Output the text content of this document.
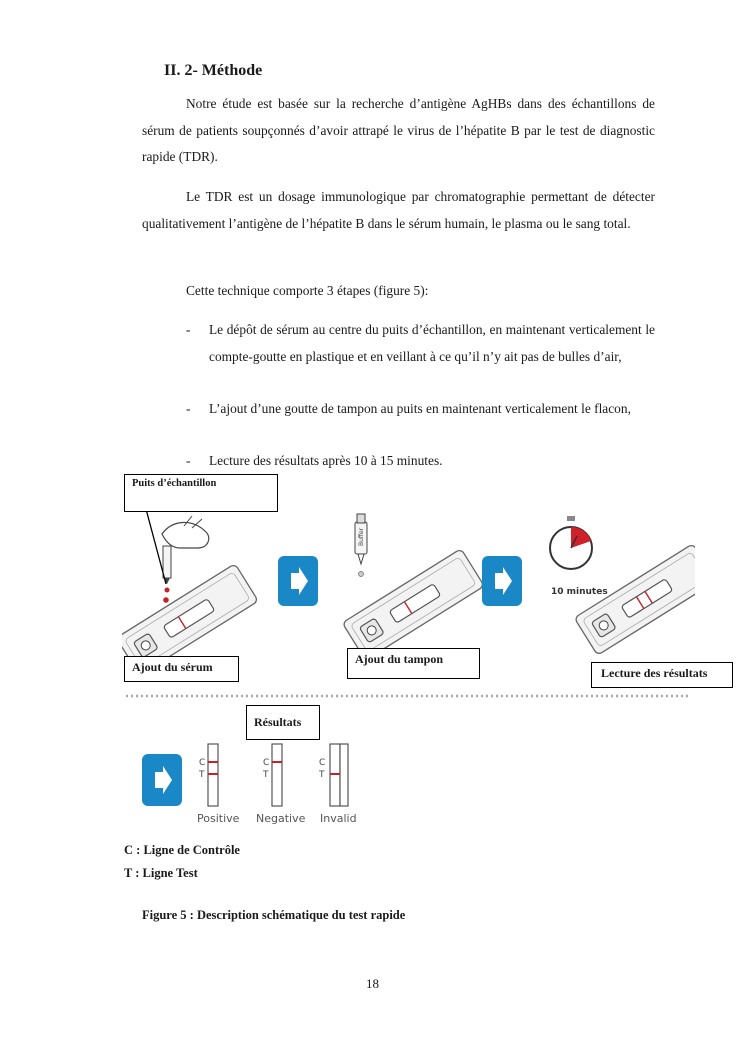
II. 2- Méthode
Notre étude est basée sur la recherche d’antigène AgHBs dans des échantillons de sérum de patients soupçonnés d’avoir attrapé le virus de l’hépatite B par le test de diagnostic rapide (TDR).
Le TDR est un dosage immunologique par chromatographie permettant de détecter qualitativement l’antigène de l’hépatite B dans le sérum humain, le plasma ou le sang total.
Cette technique comporte 3 étapes (figure 5):
- Le dépôt de sérum au centre du puits d’échantillon, en maintenant verticalement le compte-goutte en plastique et en veillant à ce qu’il n’y ait pas de bulles d’air,
- L’ajout d’une goutte de tampon au puits en maintenant verticalement le flacon,
- Lecture des résultats après 10 à 15 minutes.
Buffer
10 minutes
C
T
Positive
C
T
Negative
C
T
Invalid
Puits d’échantillon
Ajout du sérum
Ajout du tampon
Lecture des résultats
Résultats
C : Ligne de Contrôle
T : Ligne Test
Figure 5 : Description schématique du test rapide
18
